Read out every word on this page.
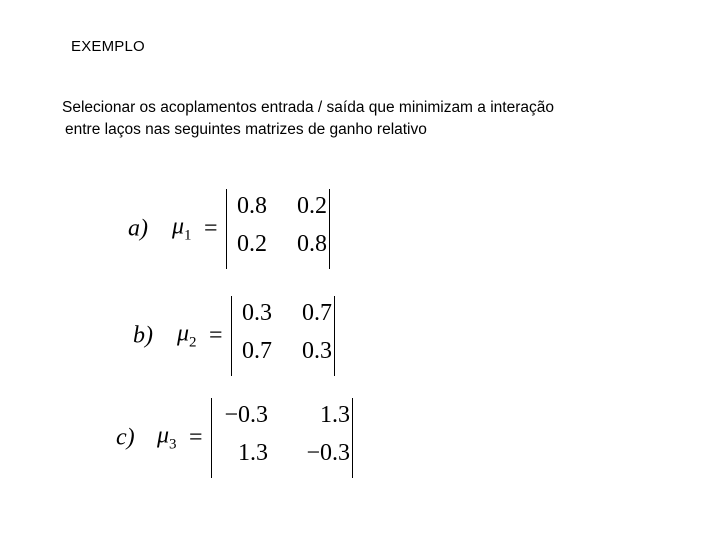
EXEMPLO
Selecionar os acoplamentos entrada / saída que minimizam a interação
entre laços nas seguintes matrizes de ganho relativo
a) $\mu_1$ =
0.8 0.2
0.2 0.8
b) $\mu_2$ =
0.3 0.7
0.7 0.3
c) $\mu_3$ =
−0.3 1.3
1.3 −0.3
